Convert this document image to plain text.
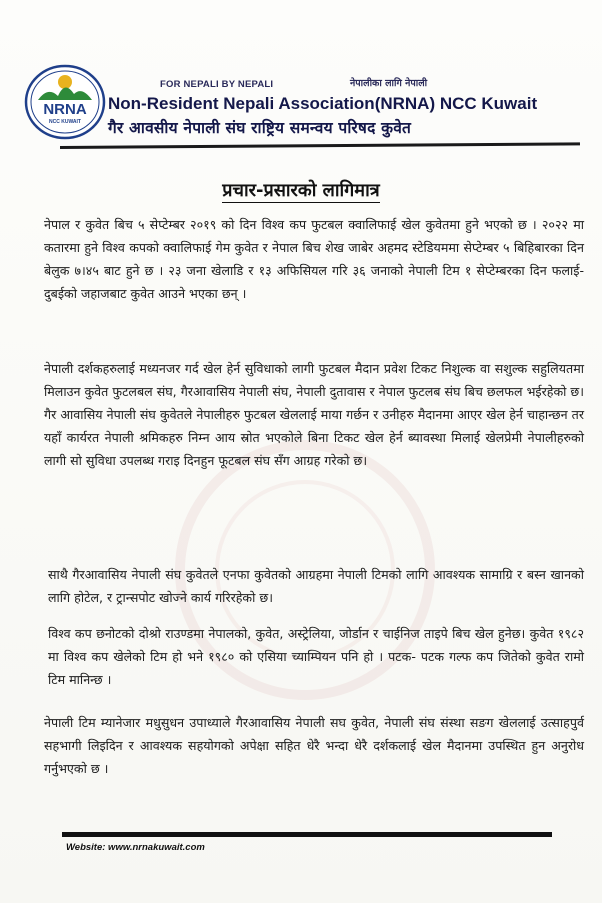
NRNA
NCC KUWAIT
FOR NEPALI BY NEPALI	नेपालीका लागि नेपाली
Non-Resident Nepali Association(NRNA) NCC Kuwait
गैर आवसीय नेपाली संघ राष्ट्रिय समन्वय परिषद कुवेत
प्रचार-प्रसारको लागिमात्र
नेपाल र कुवेत बिच ५ सेप्टेम्बर २०१९ को दिन विश्व कप फुटबल क्वालिफाई खेल कुवेतमा हुने भएको छ । २०२२ मा कतारमा हुने विश्व कपको क्वालिफाई गेम कुवेत र नेपाल बिच शेख जाबेर अहमद स्टेडियममा सेप्टेम्बर ५ बिहिबारका दिन बेलुक ७।४५ बाट हुने छ । २३ जना खेलाडि र १३ अफिसियल गरि ३६ जनाको नेपाली टिम १ सेप्टेम्बरका दिन फलाई-दुबईको जहाजबाट कुवेत आउने भएका छन् ।
नेपाली दर्शकहरुलाई मध्यनजर गर्द खेल हेर्न सुविधाको लागी फुटबल मैदान प्रवेश टिकट निशुल्क वा सशुल्क सहुलियतमा मिलाउन कुवेत फुटलबल संघ, गैरआवासिय नेपाली संघ, नेपाली दुतावास र नेपाल फुटलब संघ बिच छलफल भईरहेको छ। गैर आवासिय नेपाली संघ कुवेतले नेपालीहरु फुटबल खेललाई माया गर्छन र उनीहरु मैदानमा आएर खेल हेर्न चाहान्छन तर यहाँ कार्यरत नेपाली श्रमिकहरु निम्न आय स्रोत भएकोले बिना टिकट खेल हेर्न ब्यावस्था मिलाई खेलप्रेमी नेपालीहरुको लागी सो सुविधा उपलब्ध गराइ दिनहुन फूटबल संघ सँग आग्रह गरेको छ।
साथै गैरआवासिय नेपाली संघ कुवेतले एनफा कुवेतको आग्रहमा नेपाली टिमको लागि आवश्यक सामाग्रि र बस्न खानको लागि होटेल, र ट्रान्सपोट खोज्ने कार्य गरिरहेको छ।
विश्व कप छनोटको दोश्रो राउण्डमा नेपालको, कुवेत, अस्ट्रेलिया, जोर्डान र चाईनिज ताइपे बिच खेल हुनेछ। कुवेत १९८२ मा विश्व कप खेलेको टिम हो भने १९८० को एसिया च्याम्पियन पनि हो । पटक- पटक गल्फ कप जितेको कुवेत रामो टिम मानिन्छ ।
नेपाली टिम म्यानेजार मधुसुधन उपाध्याले गैरआवासिय नेपाली सघ कुवेत, नेपाली संघ संस्था सङग खेललाई उत्साहपुर्व सहभागी लिइदिन र आवश्यक सहयोगको अपेक्षा सहित धेरै भन्दा धेरै दर्शकलाई खेल मैदानमा उपस्थित हुन अनुरोध गर्नुभएको छ ।
Website: www.nrnakuwait.com
